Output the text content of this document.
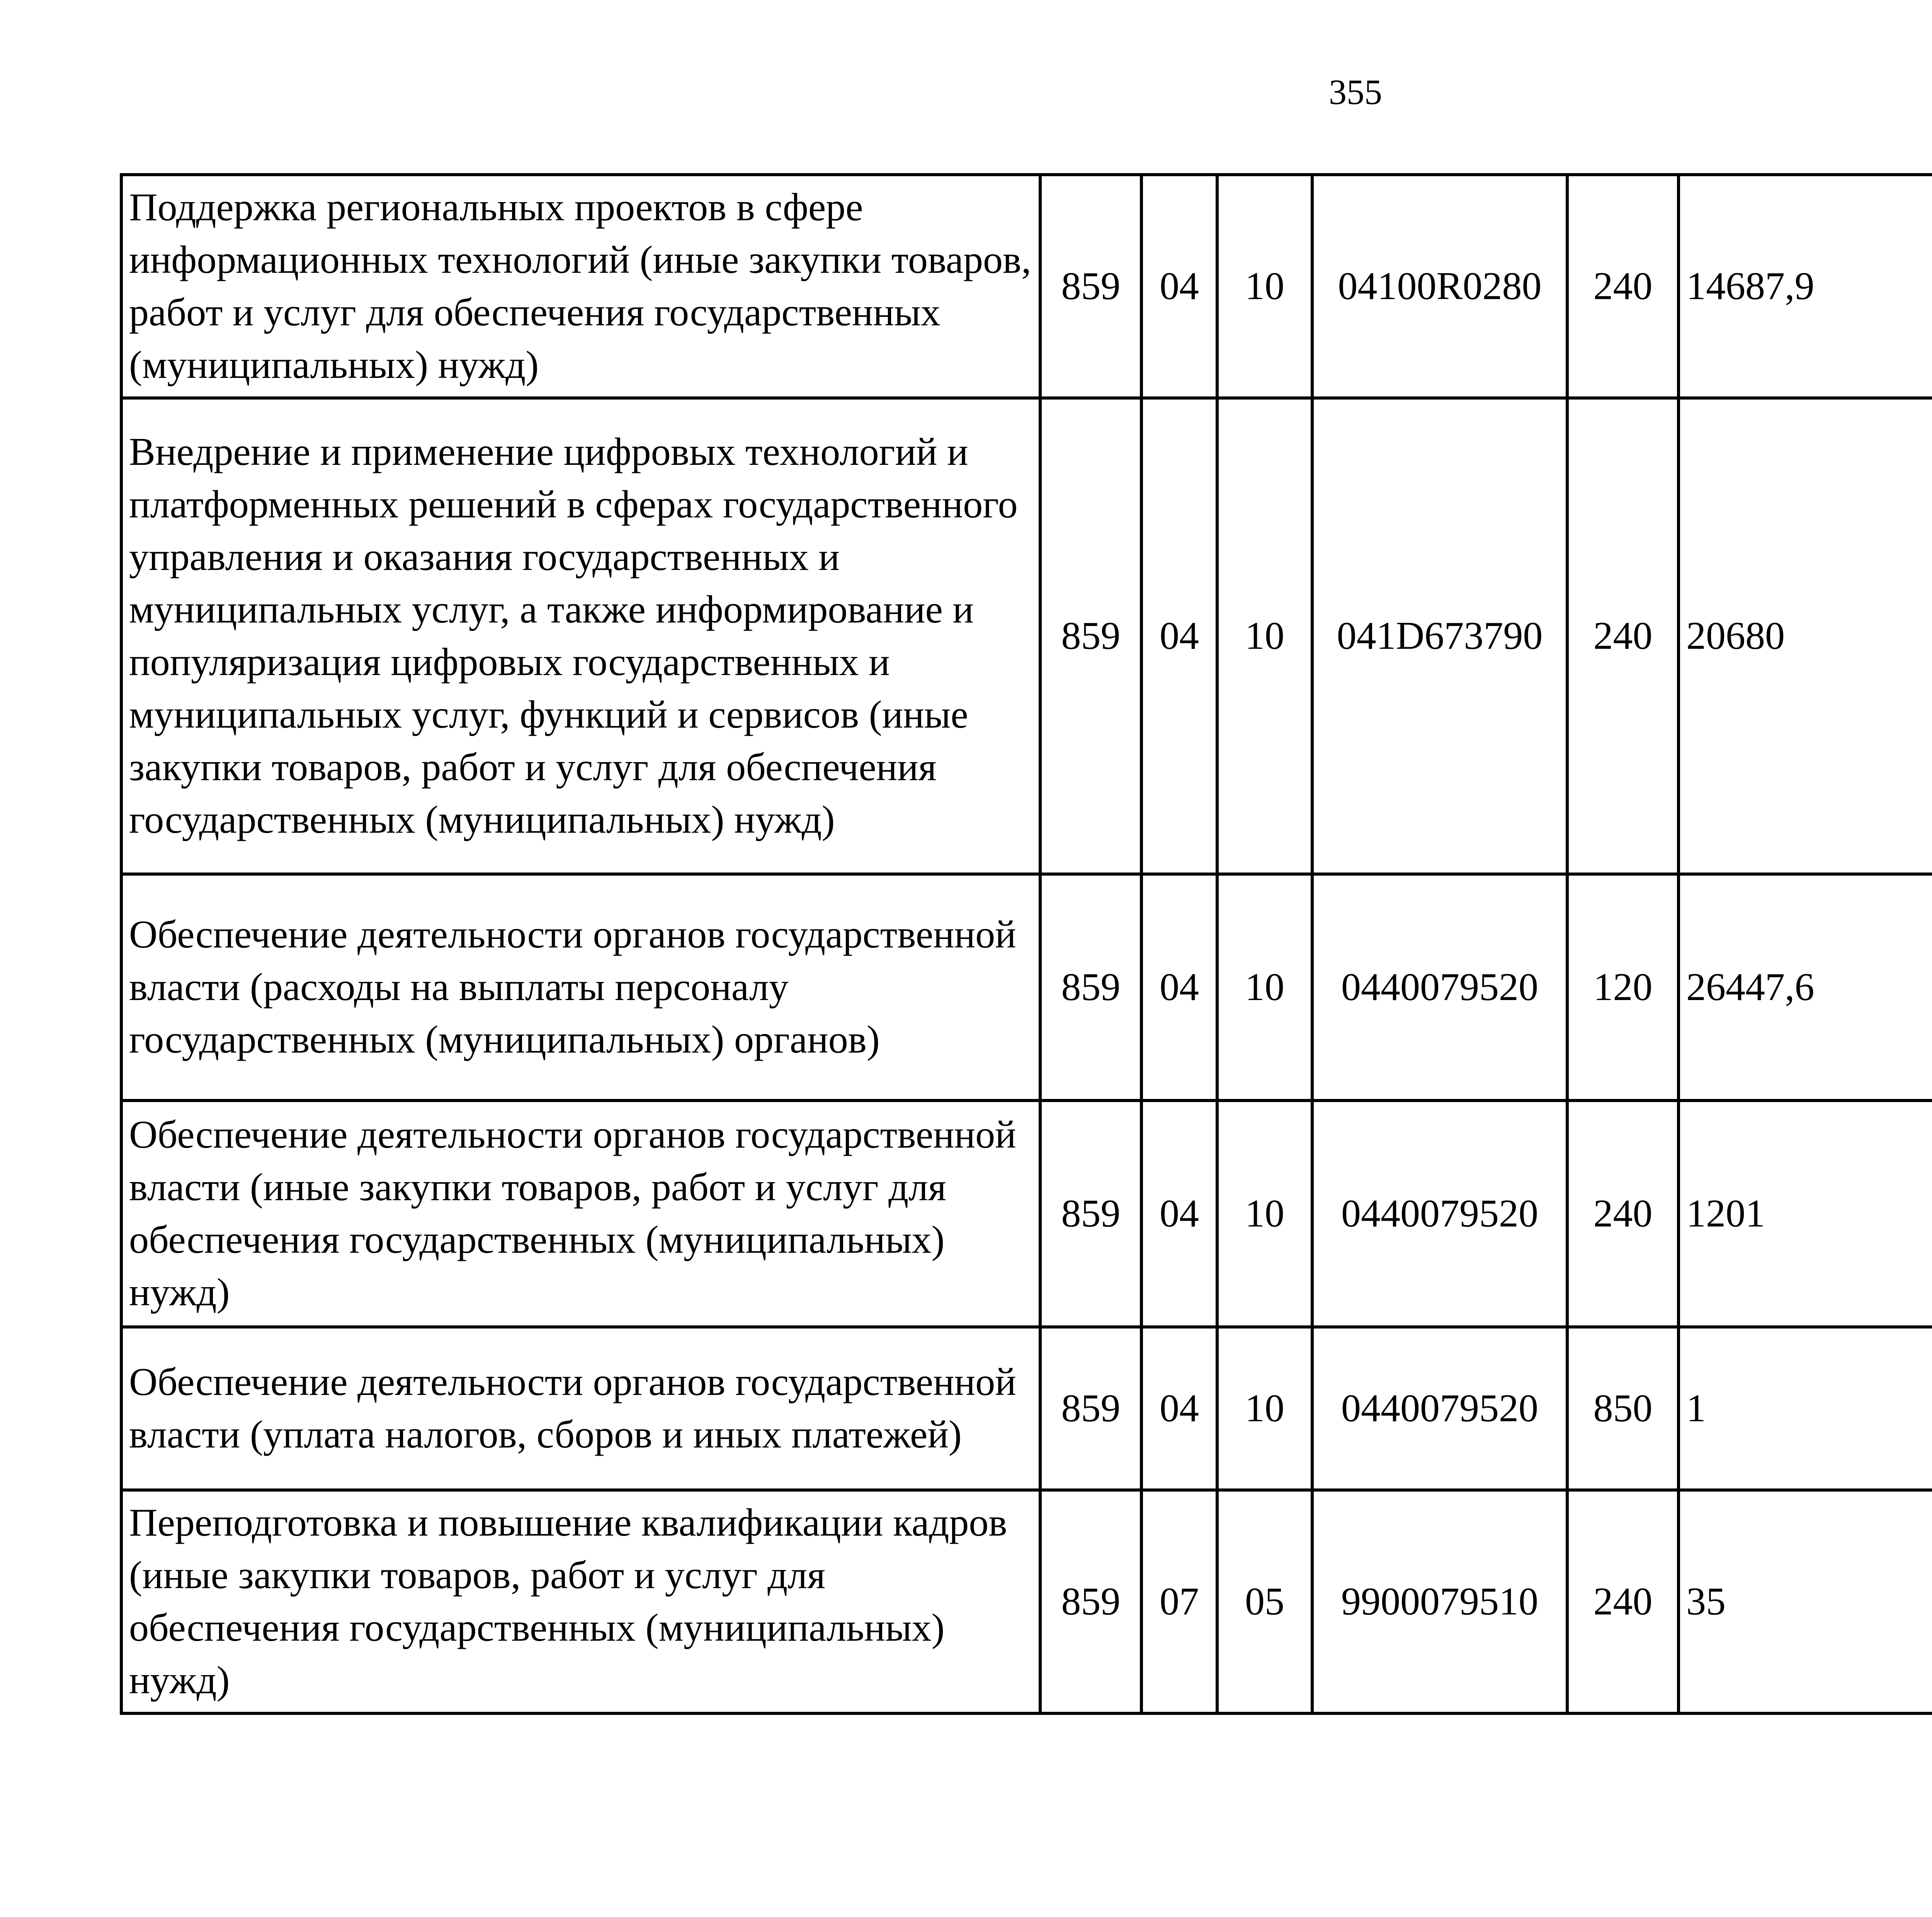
355
Поддержка региональных проектов в сфере информационных технологий (иные закупки товаров, работ и услуг для обеспечения государственных (муниципальных) нужд)	859	04	10	04100R0280	240	14687,9		
Внедрение и применение цифровых технологий и платформенных решений в сферах государственного управления и оказания государственных и муниципальных услуг, а также информирование и популяризация цифровых государственных и муниципальных услуг, функций и сервисов (иные закупки товаров, работ и услуг для обеспечения государственных (муниципальных) нужд)	859	04	10	041D673790	240	20680		
Обеспечение деятельности органов государственной власти (расходы на выплаты персоналу государственных (муниципальных) органов)	859	04	10	0440079520	120	26447,6		
Обеспечение деятельности органов государственной власти (иные закупки товаров, работ и услуг для обеспечения государственных (муниципальных) нужд)	859	04	10	0440079520	240	1201		
Обеспечение деятельности органов государственной власти (уплата налогов, сборов и иных платежей)	859	04	10	0440079520	850	1		
Переподготовка и повышение квалификации кадров (иные закупки товаров, работ и услуг для обеспечения государственных (муниципальных) нужд)	859	07	05	9900079510	240	35		
